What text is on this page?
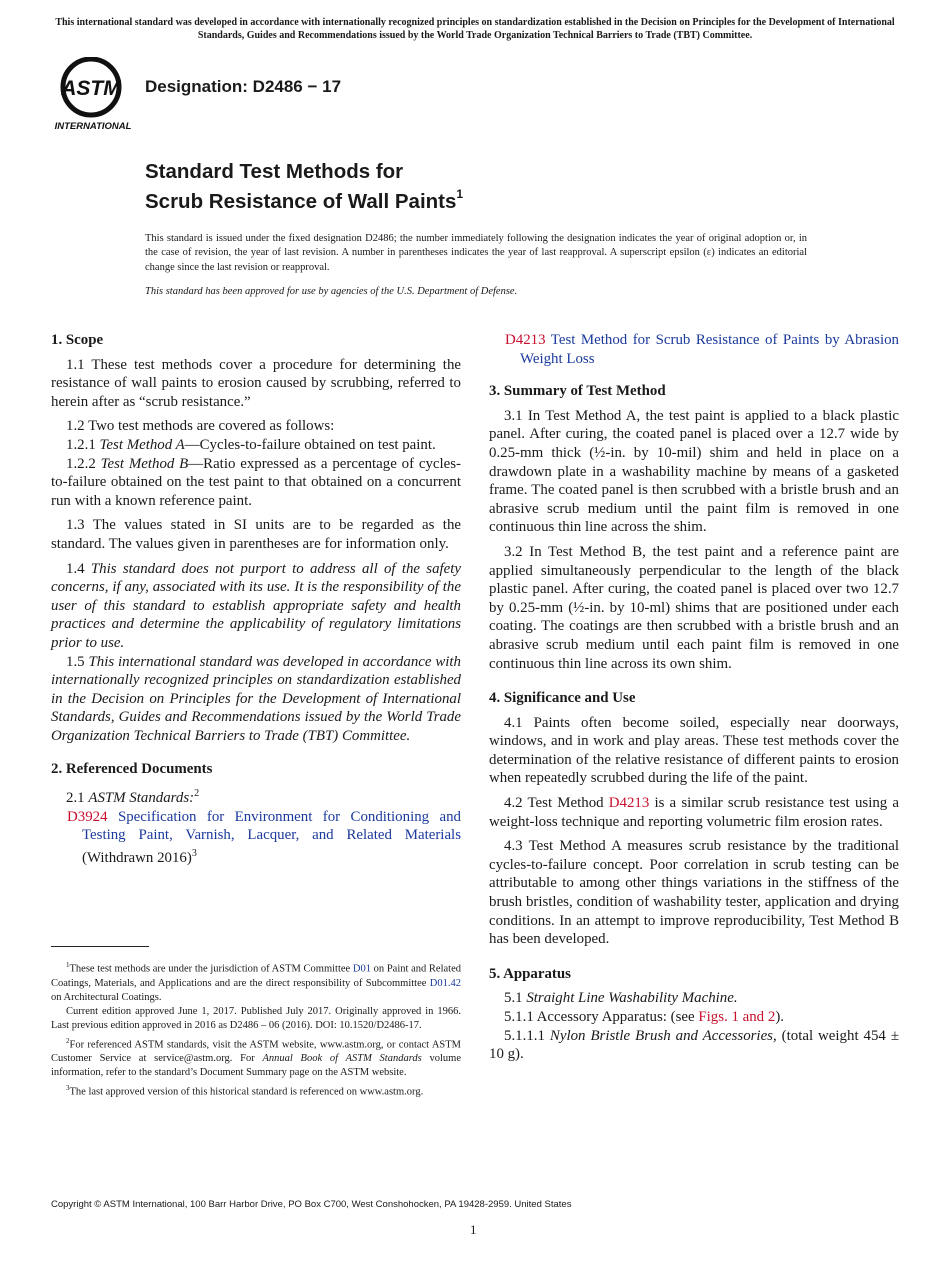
This international standard was developed in accordance with internationally recognized principles on standardization established in the Decision on Principles for the Development of International Standards, Guides and Recommendations issued by the World Trade Organization Technical Barriers to Trade (TBT) Committee.
ASTM
INTERNATIONAL
Designation: D2486 − 17
Standard Test Methods for
Scrub Resistance of Wall Paints$^1$
This standard is issued under the fixed designation D2486; the number immediately following the designation indicates the year of original adoption or, in the case of revision, the year of last revision. A number in parentheses indicates the year of last reapproval. A superscript epsilon (ε) indicates an editorial change since the last revision or reapproval.
This standard has been approved for use by agencies of the U.S. Department of Defense.

1. Scope

1.1 These test methods cover a procedure for determining the resistance of wall paints to erosion caused by scrubbing, referred to herein after as “scrub resistance.”

1.2 Two test methods are covered as follows:

1.2.1 Test Method A—Cycles-to-failure obtained on test paint.

1.2.2 Test Method B—Ratio expressed as a percentage of cycles-to-failure obtained on the test paint to that obtained on a concurrent run with a known reference paint.

1.3 The values stated in SI units are to be regarded as the standard. The values given in parentheses are for information only.

1.4 This standard does not purport to address all of the safety concerns, if any, associated with its use. It is the responsibility of the user of this standard to establish appropriate safety and health practices and determine the applicability of regulatory limitations prior to use.

1.5 This international standard was developed in accordance with internationally recognized principles on standardization established in the Decision on Principles for the Development of International Standards, Guides and Recommendations issued by the World Trade Organization Technical Barriers to Trade (TBT) Committee.

2. Referenced Documents

2.1 ASTM Standards:$^2$

D3924 Specification for Environment for Conditioning and Testing Paint, Varnish, Lacquer, and Related Materials (Withdrawn 2016)$^3$

$^1$These test methods are under the jurisdiction of ASTM Committee D01 on Paint and Related Coatings, Materials, and Applications and are the direct responsibility of Subcommittee D01.42 on Architectural Coatings.

Current edition approved June 1, 2017. Published July 2017. Originally approved in 1966. Last previous edition approved in 2016 as D2486 – 06 (2016). DOI: 10.1520/D2486-17.

$^2$For referenced ASTM standards, visit the ASTM website, www.astm.org, or contact ASTM Customer Service at service@astm.org. For Annual Book of ASTM Standards volume information, refer to the standard’s Document Summary page on the ASTM website.

$^3$The last approved version of this historical standard is referenced on www.astm.org.

D4213 Test Method for Scrub Resistance of Paints by Abrasion Weight Loss

3. Summary of Test Method

3.1 In Test Method A, the test paint is applied to a black plastic panel. After curing, the coated panel is placed over a 12.7 wide by 0.25-mm thick (½-in. by 10-mil) shim and held in place on a drawdown plate in a washability machine by means of a gasketed frame. The coated panel is then scrubbed with a bristle brush and an abrasive scrub medium until the paint film is removed in one continuous thin line across the shim.

3.2 In Test Method B, the test paint and a reference paint are applied simultaneously perpendicular to the length of the black plastic panel. After curing, the coated panel is placed over two 12.7 by 0.25-mm (½-in. by 10-ml) shims that are positioned under each coating. The coatings are then scrubbed with a bristle brush and an abrasive scrub medium until each paint film is removed in one continuous thin line across its own shim.

4. Significance and Use

4.1 Paints often become soiled, especially near doorways, windows, and in work and play areas. These test methods cover the determination of the relative resistance of different paints to erosion when repeatedly scrubbed during the life of the paint.

4.2 Test Method D4213 is a similar scrub resistance test using a weight-loss technique and reporting volumetric film erosion rates.

4.3 Test Method A measures scrub resistance by the traditional cycles-to-failure concept. Poor correlation in scrub testing can be attributable to among other things variations in the stiffness of the brush bristles, condition of washability tester, application and drying conditions. In an attempt to improve reproducibility, Test Method B has been developed.

5. Apparatus

5.1 Straight Line Washability Machine.

5.1.1 Accessory Apparatus: (see Figs. 1 and 2).

5.1.1.1 Nylon Bristle Brush and Accessories, (total weight 454 ± 10 g).

Copyright © ASTM International, 100 Barr Harbor Drive, PO Box C700, West Conshohocken, PA 19428-2959. United States
1
